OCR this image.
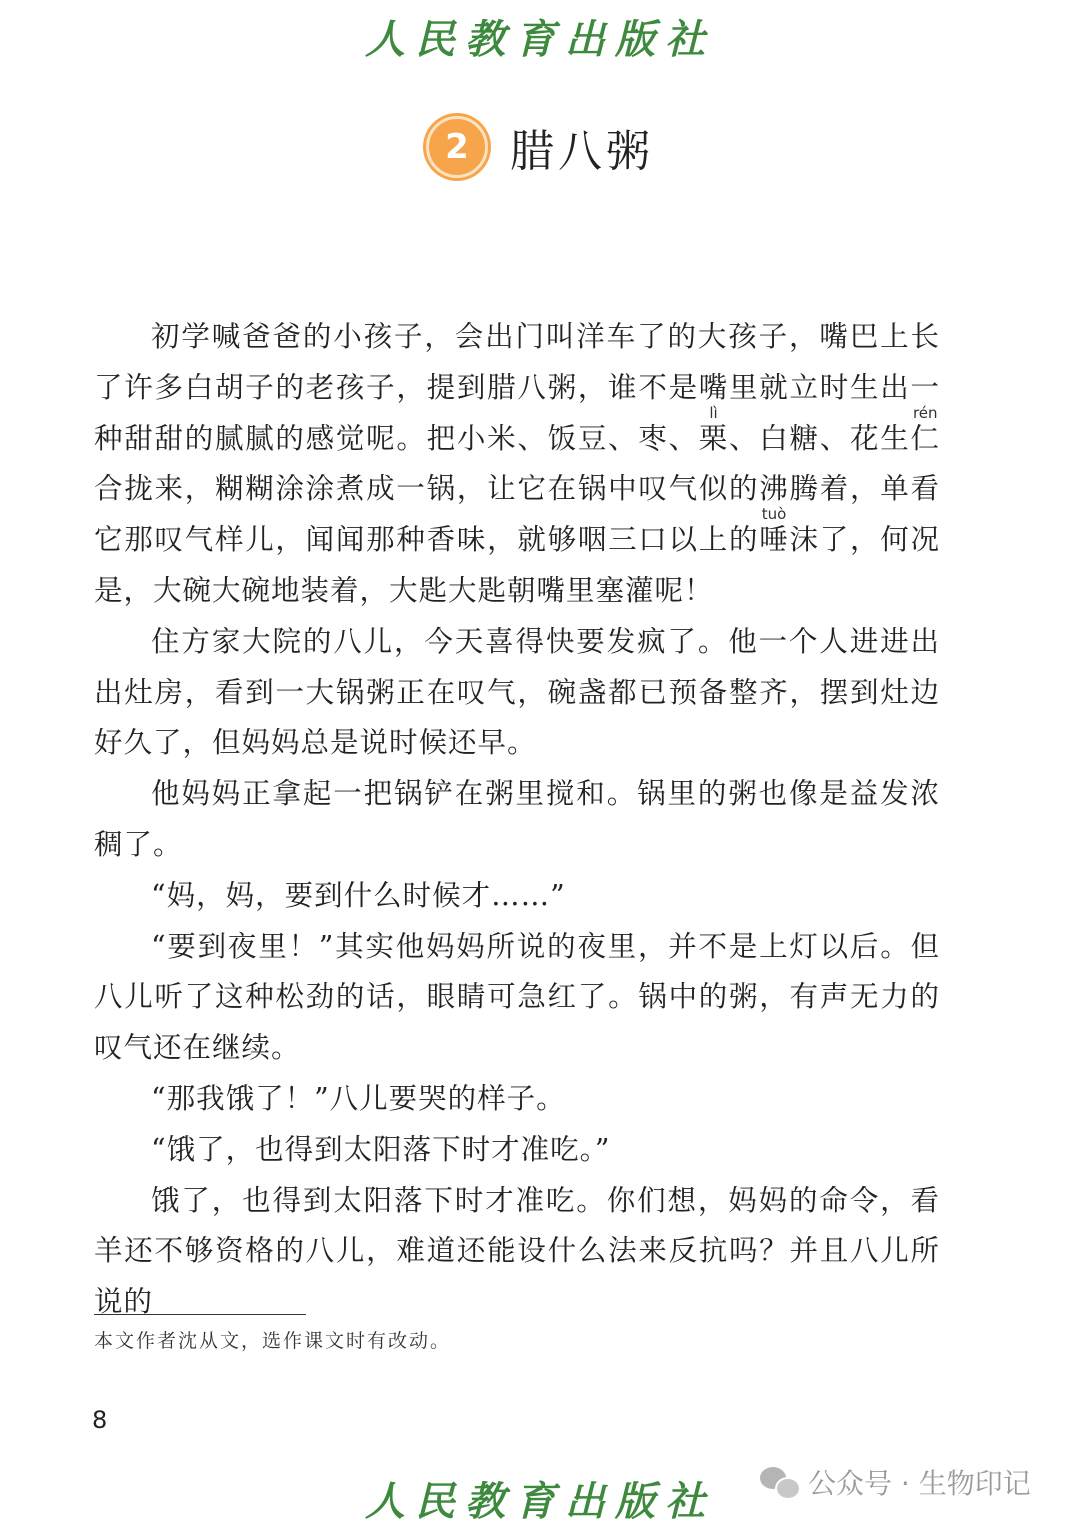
人民教育出版社
2 腊八粥

初学喊爸爸的小孩子，会出门叫洋车了的大孩子，嘴巴上长了许多白胡子的老孩子，提到腊八粥，谁不是嘴里就立时生出一种甜甜的腻腻的感觉呢。把小米、饭豆、枣、栗lì、白糖、花生仁rén合拢来，糊糊涂涂煮成一锅，让它在锅中叹气似的沸腾着，单看它那叹气样儿，闻闻那种香味，就够咽三口以上的唾tuò沫了，何况是，大碗大碗地装着，大匙大匙朝嘴里塞灌呢！

住方家大院的八儿，今天喜得快要发疯了。他一个人进进出出灶房，看到一大锅粥正在叹气，碗盏都已预备整齐，摆到灶边好久了，但妈妈总是说时候还早。

他妈妈正拿起一把锅铲在粥里搅和。锅里的粥也像是益发浓稠了。

“妈，妈，要到什么时候才……”

“要到夜里！”其实他妈妈所说的夜里，并不是上灯以后。但八儿听了这种松劲的话，眼睛可急红了。锅中的粥，有声无力的叹气还在继续。

“那我饿了！”八儿要哭的样子。

“饿了，也得到太阳落下时才准吃。”

饿了，也得到太阳落下时才准吃。你们想，妈妈的命令，看羊还不够资格的八儿，难道还能设什么法来反抗吗？并且八儿所说的

本文作者沈从文，选作课文时有改动。
8
人民教育出版社	公众号 · 生物印记
